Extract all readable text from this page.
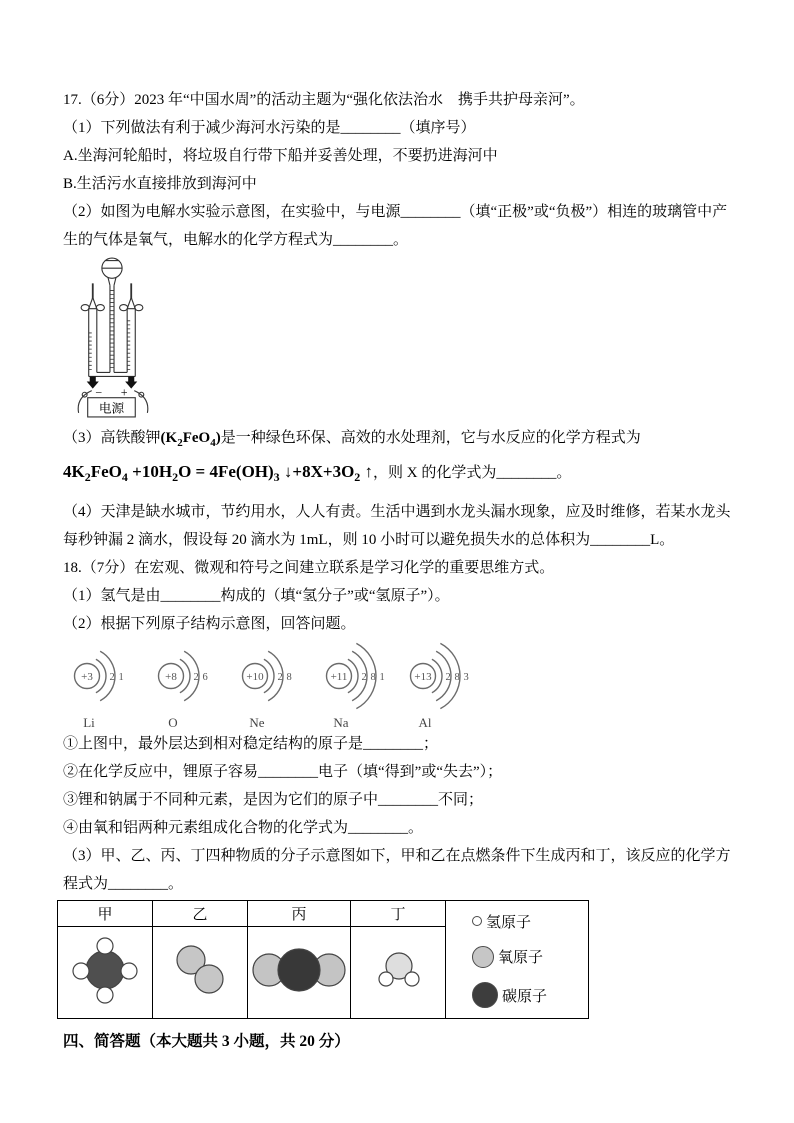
17.（6分）2023 年“中国水周”的活动主题为“强化依法治水　携手共护母亲河”。

（1）下列做法有利于减少海河水污染的是________（填序号）

A.坐海河轮船时，将垃圾自行带下船并妥善处理，不要扔进海河中

B.生活污水直接排放到海河中

（2）如图为电解水实验示意图，在实验中，与电源________（填“正极”或“负极”）相连的玻璃管中产生的气体是氧气，电解水的化学方程式为________。

− +
电源

（3）高铁酸钾$(K_2FeO_4)$是一种绿色环保、高效的水处理剂，它与水反应的化学方程式为

$4K_2FeO_4 +10H_2O = 4Fe(OH)_3$ $↓+8X+3O_2$ ↑，则 X 的化学式为________。

（4）天津是缺水城市，节约用水，人人有责。生活中遇到水龙头漏水现象，应及时维修，若某水龙头每秒钟漏 2 滴水，假设每 20 滴水为 1mL，则 10 小时可以避免损失水的总体积为________L。

18.（7分）在宏观、微观和符号之间建立联系是学习化学的重要思维方式。

（1）氢气是由________构成的（填“氢分子”或“氢原子”）。

（2）根据下列原子结构示意图，回答问题。

+3 2 1
Li
+8 2 6
O
+10 2 8
Ne
+11 2 8 1
Na
+13 2 8 3
Al

①上图中，最外层达到相对稳定结构的原子是________；

②在化学反应中，锂原子容易________电子（填“得到”或“失去”）；

③锂和钠属于不同种元素，是因为它们的原子中________不同；

④由氧和铝两种元素组成化合物的化学式为________。

（3）甲、乙、丙、丁四种物质的分子示意图如下，甲和乙在点燃条件下生成丙和丁，该反应的化学方程式为________。

甲	乙	丙	丁	氢原子
氧原子
碳原子

四、简答题（本大题共 3 小题，共 20 分）
